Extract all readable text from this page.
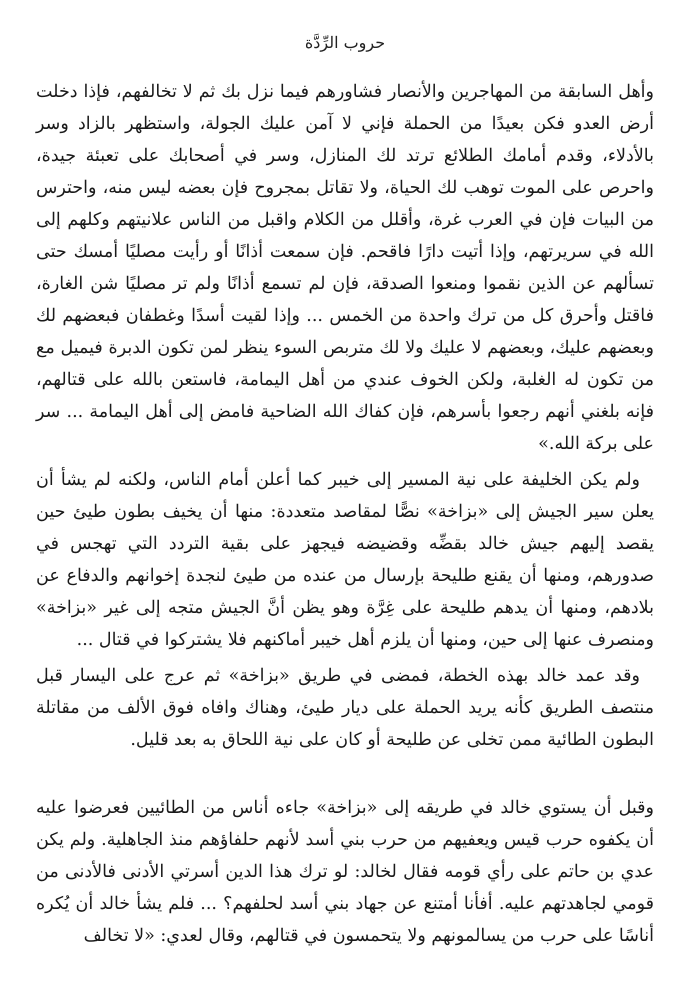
حروب الرِّدَّة

وأهل السابقة من المهاجرين والأنصار فشاورهم فيما نزل بك ثم لا تخالفهم، فإذا دخلت أرض العدو فكن بعيدًا من الحملة فإني لا آمن عليك الجولة، واستظهر بالزاد وسر بالأدلاء، وقدم أمامك الطلائع ترتد لك المنازل، وسر في أصحابك على تعبئة جيدة، واحرص على الموت توهب لك الحياة، ولا تقاتل بمجروح فإن بعضه ليس منه، واحترس من البيات فإن في العرب غرة، وأقلل من الكلام واقبل من الناس علانيتهم وكلهم إلى الله في سريرتهم، وإذا أتيت دارًا فاقحم. فإن سمعت أذانًا أو رأيت مصليًا أمسك حتى تسألهم عن الذين نقموا ومنعوا الصدقة، فإن لم تسمع أذانًا ولم تر مصليًا شن الغارة، فاقتل وأحرق كل من ترك واحدة من الخمس ... وإذا لقيت أسدًا وغطفان فبعضهم لك وبعضهم عليك، وبعضهم لا عليك ولا لك متربص السوء ينظر لمن تكون الدبرة فيميل مع من تكون له الغلبة، ولكن الخوف عندي من أهل اليمامة، فاستعن بالله على قتالهم، فإنه بلغني أنهم رجعوا بأسرهم، فإن كفاك الله الضاحية فامض إلى أهل اليمامة ... سر على بركة الله.»

ولم يكن الخليفة على نية المسير إلى خيبر كما أعلن أمام الناس، ولكنه لم يشأ أن يعلن سير الجيش إلى «بزاخة» نصًّا لمقاصد متعددة: منها أن يخيف بطون طيئ حين يقصد إليهم جيش خالد بقضِّه وقضيضه فيجهز على بقية التردد التي تهجس في صدورهم، ومنها أن يقنع طليحة بإرسال من عنده من طيئ لنجدة إخوانهم والدفاع عن بلادهم، ومنها أن يدهم طليحة على غِرَّة وهو يظن أنَّ الجيش متجه إلى غير «بزاخة» ومنصرف عنها إلى حين، ومنها أن يلزم أهل خيبر أماكنهم فلا يشتركوا في قتال ...

وقد عمد خالد بهذه الخطة، فمضى في طريق «بزاخة» ثم عرج على اليسار قبل منتصف الطريق كأنه يريد الحملة على ديار طيئ، وهناك وافاه فوق الألف من مقاتلة البطون الطائية ممن تخلى عن طليحة أو كان على نية اللحاق به بعد قليل.

وقبل أن يستوي خالد في طريقه إلى «بزاخة» جاءه أناس من الطائيين فعرضوا عليه أن يكفوه حرب قيس ويعفيهم من حرب بني أسد لأنهم حلفاؤهم منذ الجاهلية. ولم يكن عدي بن حاتم على رأي قومه فقال لخالد: لو ترك هذا الدين أسرتي الأدنى فالأدنى من قومي لجاهدتهم عليه. أفأنا أمتنع عن جهاد بني أسد لحلفهم؟ ... فلم يشأ خالد أن يُكره أناسًا على حرب من يسالمونهم ولا يتحمسون في قتالهم، وقال لعدي: «لا تخالف
